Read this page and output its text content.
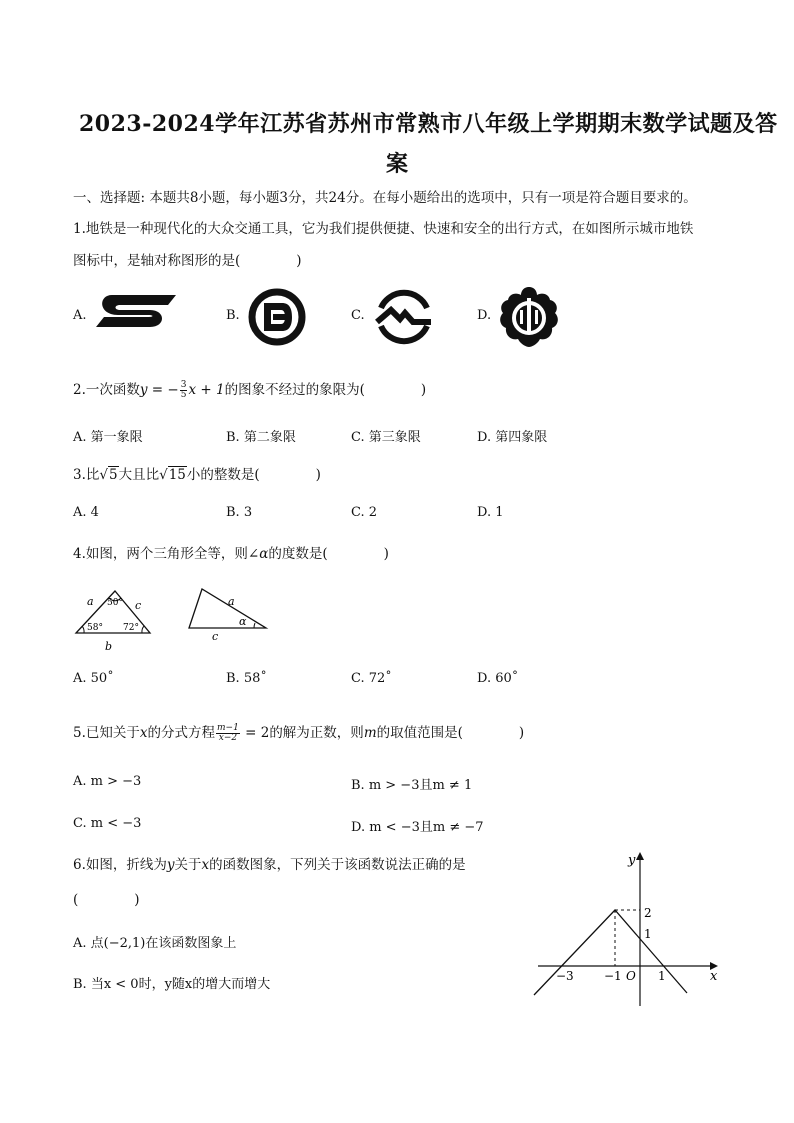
2023-2024学年江苏省苏州市常熟市八年级上学期期末数学试题及答
案
一、选择题: 本题共8小题，每小题3分，共24分。在每小题给出的选项中，只有一项是符合题目要求的。
1.地铁是一种现代化的大众交通工具，它为我们提供便捷、快速和安全的出行方式，在如图所示城市地铁
图标中，是轴对称图形的是(	)
A.	B.	C.	D.
2.一次函数y = − $\frac{3}{5}$ x + 1的图象不经过的象限为(	)
A. 第一象限	B. 第二象限	C. 第三象限	D. 第四象限
3.比√5大且比√15小的整数是(	)
A. 4	B. 3	C. 2	D. 1
4.如图，两个三角形全等，则∠α的度数是(	)
a	c
b
50°
58° 72°
a
c
α
A. 50˚	B. 58˚	C. 72˚	D. 60˚
5.已知关于x的分式方程 $\frac{m-1}{x-2} = 2$的解为正数，则m的取值范围是(	)
A. m > −3	B. m > −3且m ≠ 1
C. m < −3	D. m < −3且m ≠ −7
6.如图，折线为y关于x的函数图象，下列关于该函数说法正确的是
(	)
A. 点(−2,1)在该函数图象上
B. 当x < 0时，y随x的增大而增大
y
x
O
2
1
−3	−1	1
